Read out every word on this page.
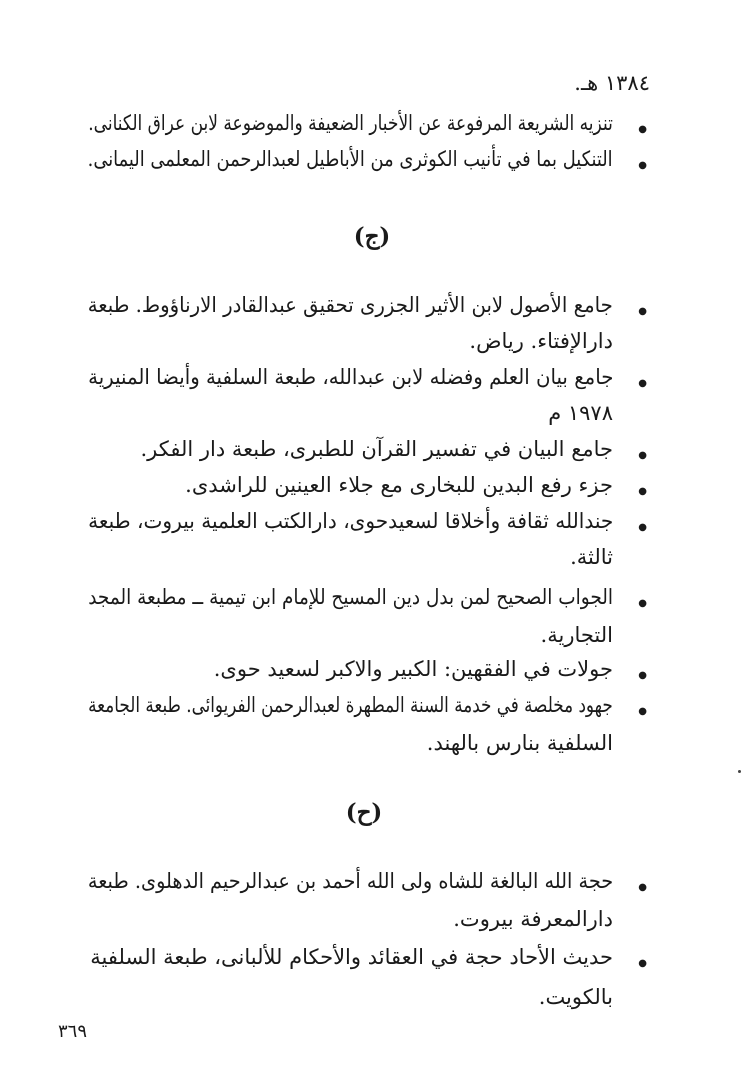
١٣٨٤ هـ.
●
تنزيه الشريعة المرفوعة عن الأخبار الضعيفة والموضوعة لابن عراق الكنانى.
●
التنكيل بما في تأنيب الكوثرى من الأباطيل لعبدالرحمن المعلمى اليمانى.
(ج)
●
جامع الأصول لابن الأثير الجزرى تحقيق عبدالقادر الارناؤوط. طبعة
دارالإفتاء. رياض.
●
جامع بيان العلم وفضله لابن عبدالله، طبعة السلفية وأيضا المنيرية
١٩٧٨ م
●
جامع البيان في تفسير القرآن للطبرى، طبعة دار الفكر.
●
جزء رفع البدين للبخارى مع جلاء العينين للراشدى.
●
جندالله ثقافة وأخلاقا لسعيدحوى، دارالكتب العلمية بيروت، طبعة
ثالثة.
●
الجواب الصحيح لمن بدل دين المسيح للإمام ابن تيمية ــ مطبعة المجد
التجارية.
●
جولات في الفقهين: الكبير والاكبر لسعيد حوى.
●
جهود مخلصة في خدمة السنة المطهرة لعبدالرحمن الفريوائى. طبعة الجامعة
السلفية بنارس بالهند.
(ح)
●
حجة الله البالغة للشاه ولى الله أحمد بن عبدالرحيم الدهلوى. طبعة
دارالمعرفة بيروت.
●
حديث الأحاد حجة في العقائد والأحكام للألبانى، طبعة السلفية
بالكويت.
٣٦٩
